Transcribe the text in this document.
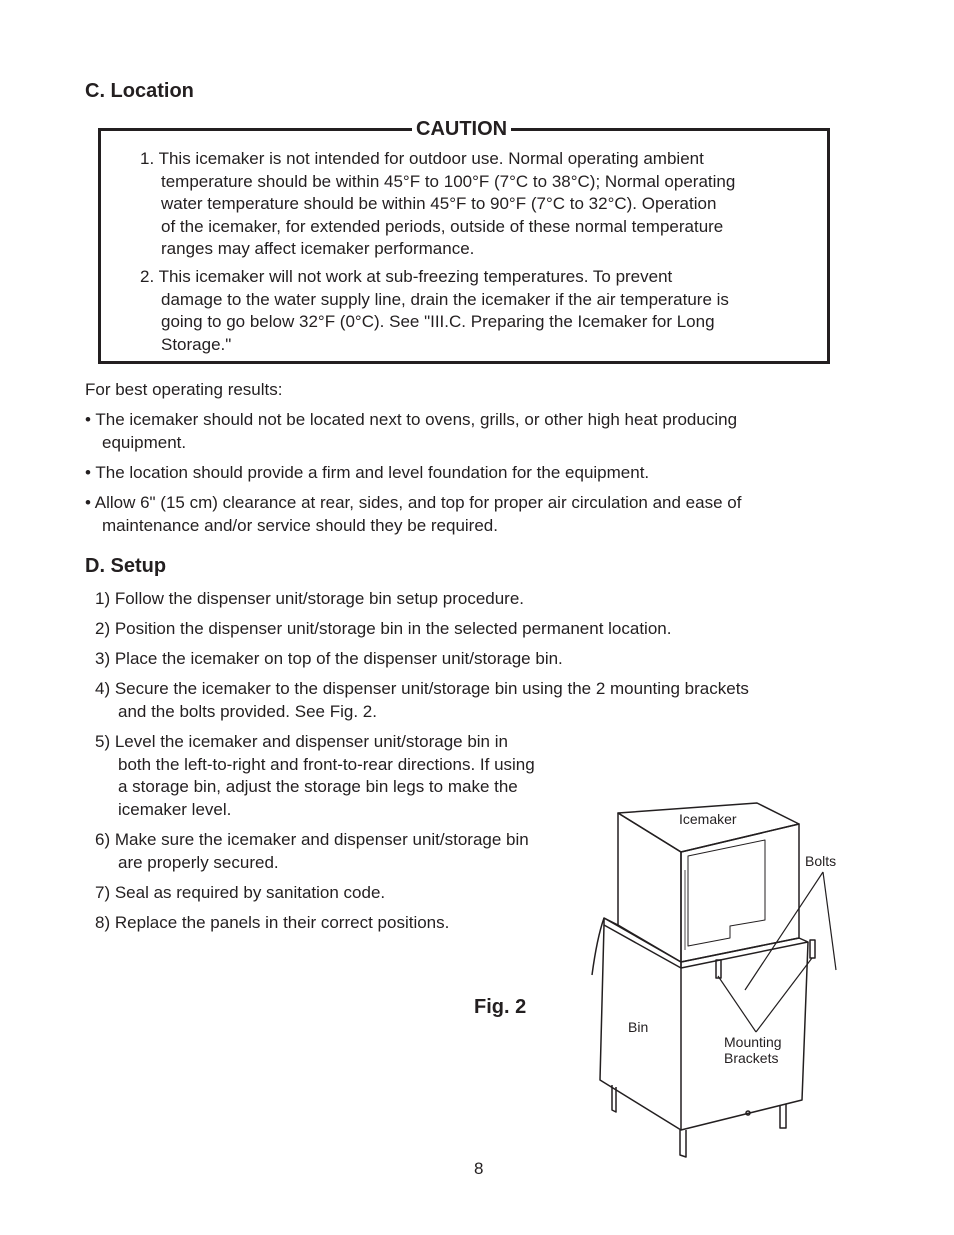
C. Location
CAUTION
1. This icemaker is not intended for outdoor use. Normal operating ambient
temperature should be within 45°F to 100°F (7°C to 38°C); Normal operating
water temperature should be within 45°F to 90°F (7°C to 32°C). Operation
of the icemaker, for extended periods, outside of these normal temperature
ranges may affect icemaker performance.
2. This icemaker will not work at sub-freezing temperatures. To prevent
damage to the water supply line, drain the icemaker if the air temperature is
going to go below 32°F (0°C). See "III.C. Preparing the Icemaker for Long
Storage."
For best operating results:
• The icemaker should not be located next to ovens, grills, or other high heat producing
equipment.
• The location should provide a firm and level foundation for the equipment.
• Allow 6" (15 cm) clearance at rear, sides, and top for proper air circulation and ease of
maintenance and/or service should they be required.
D. Setup
1) Follow the dispenser unit/storage bin setup procedure.
2) Position the dispenser unit/storage bin in the selected permanent location.
3) Place the icemaker on top of the dispenser unit/storage bin.
4) Secure the icemaker to the dispenser unit/storage bin using the 2 mounting brackets
and the bolts provided. See Fig. 2.
5) Level the icemaker and dispenser unit/storage bin in
both the left-to-right and front-to-rear directions. If using
a storage bin, adjust the storage bin legs to make the
icemaker level.
6) Make sure the icemaker and dispenser unit/storage bin
are properly secured.
7) Seal as required by sanitation code.
8) Replace the panels in their correct positions.
Fig. 2
Icemaker
Bolts
Bin
Mounting
Brackets
8
